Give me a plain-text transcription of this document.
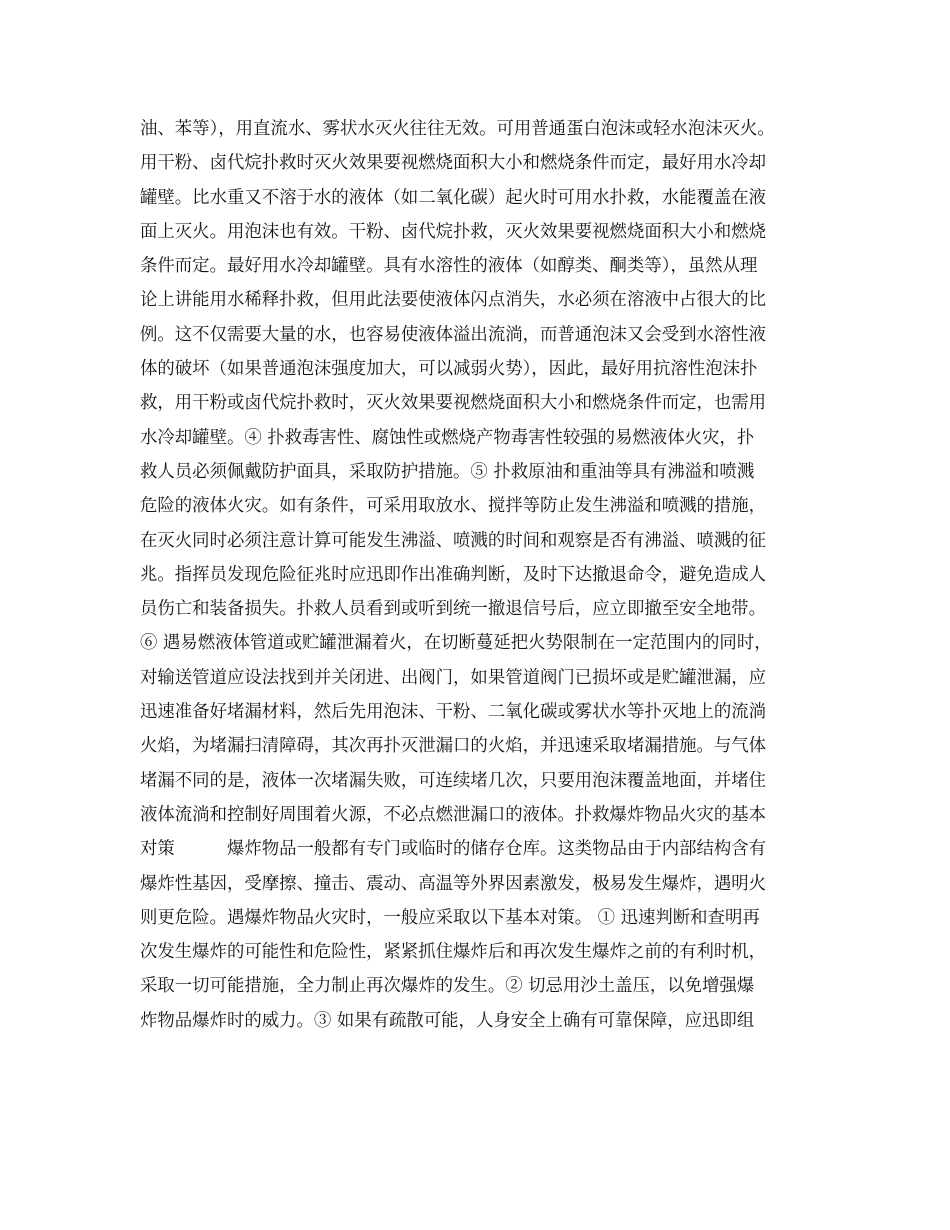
油、苯等），用直流水、雾状水灭火往往无效。可用普通蛋白泡沫或轻水泡沫灭火。
用干粉、卤代烷扑救时灭火效果要视燃烧面积大小和燃烧条件而定，最好用水冷却
罐壁。比水重又不溶于水的液体（如二氧化碳）起火时可用水扑救，水能覆盖在液
面上灭火。用泡沫也有效。干粉、卤代烷扑救，灭火效果要视燃烧面积大小和燃烧
条件而定。最好用水冷却罐壁。具有水溶性的液体（如醇类、酮类等），虽然从理
论上讲能用水稀释扑救，但用此法要使液体闪点消失，水必须在溶液中占很大的比
例。这不仅需要大量的水，也容易使液体溢出流淌，而普通泡沫又会受到水溶性液
体的破坏（如果普通泡沫强度加大，可以减弱火势），因此，最好用抗溶性泡沫扑
救，用干粉或卤代烷扑救时，灭火效果要视燃烧面积大小和燃烧条件而定，也需用
水冷却罐壁。④ 扑救毒害性、腐蚀性或燃烧产物毒害性较强的易燃液体火灾，扑
救人员必须佩戴防护面具，采取防护措施。⑤ 扑救原油和重油等具有沸溢和喷溅
危险的液体火灾。如有条件，可采用取放水、搅拌等防止发生沸溢和喷溅的措施，
在灭火同时必须注意计算可能发生沸溢、喷溅的时间和观察是否有沸溢、喷溅的征
兆。指挥员发现危险征兆时应迅即作出准确判断，及时下达撤退命令，避免造成人
员伤亡和装备损失。扑救人员看到或听到统一撤退信号后，应立即撤至安全地带。
⑥ 遇易燃液体管道或贮罐泄漏着火，在切断蔓延把火势限制在一定范围内的同时，
对输送管道应设法找到并关闭进、出阀门，如果管道阀门已损坏或是贮罐泄漏，应
迅速准备好堵漏材料，然后先用泡沫、干粉、二氧化碳或雾状水等扑灭地上的流淌
火焰，为堵漏扫清障碍，其次再扑灭泄漏口的火焰，并迅速采取堵漏措施。与气体
堵漏不同的是，液体一次堵漏失败，可连续堵几次，只要用泡沫覆盖地面，并堵住
液体流淌和控制好周围着火源，不必点燃泄漏口的液体。扑救爆炸物品火灾的基本
对策　　　爆炸物品一般都有专门或临时的储存仓库。这类物品由于内部结构含有
爆炸性基因，受摩擦、撞击、震动、高温等外界因素激发，极易发生爆炸，遇明火
则更危险。遇爆炸物品火灾时，一般应采取以下基本对策。 ① 迅速判断和查明再
次发生爆炸的可能性和危险性，紧紧抓住爆炸后和再次发生爆炸之前的有利时机，
采取一切可能措施，全力制止再次爆炸的发生。② 切忌用沙土盖压，以免增强爆
炸物品爆炸时的威力。③ 如果有疏散可能，人身安全上确有可靠保障，应迅即组
